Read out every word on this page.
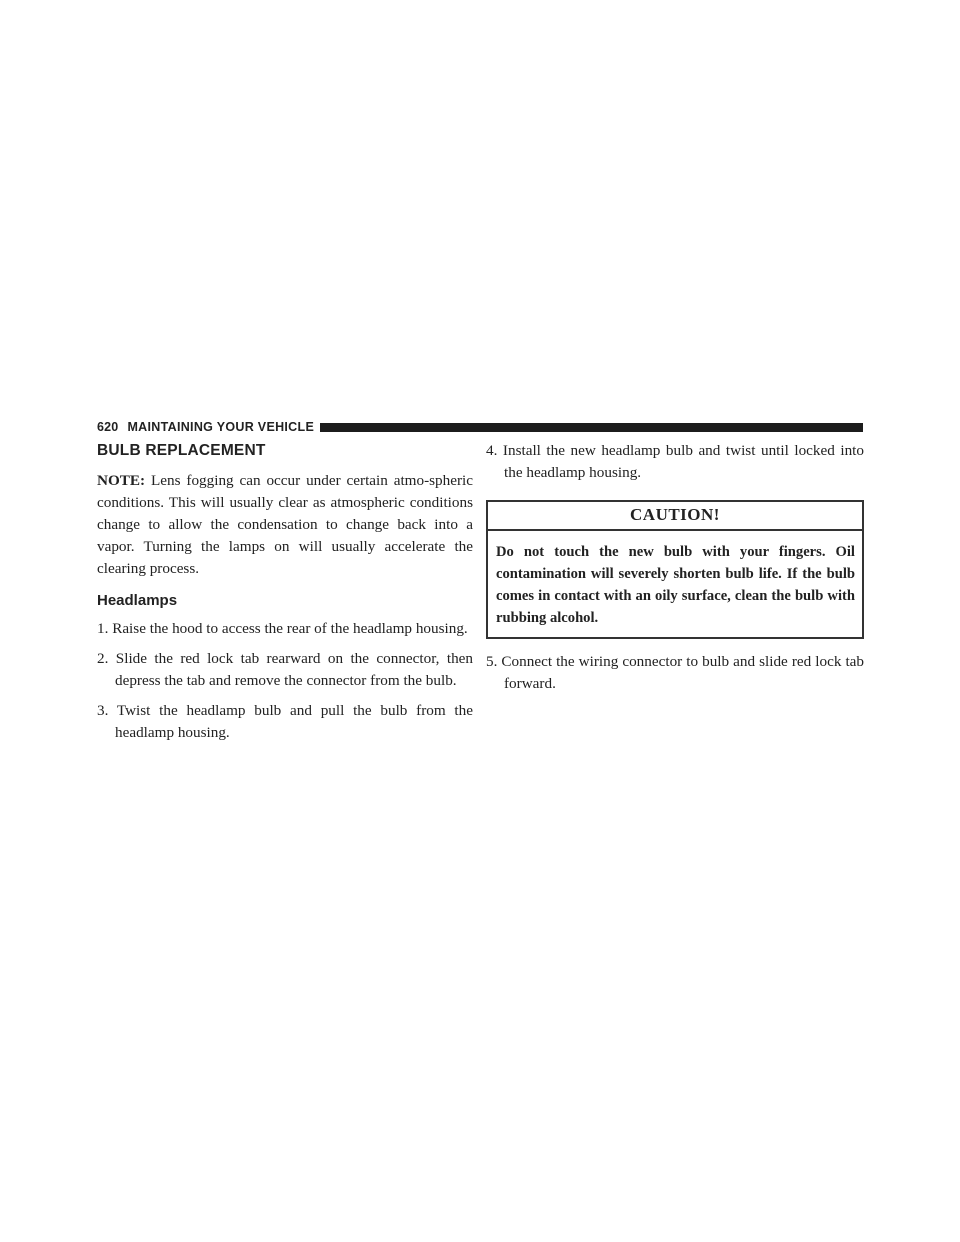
620 MAINTAINING YOUR VEHICLE
BULB REPLACEMENT

NOTE: Lens fogging can occur under certain atmo-spheric conditions. This will usually clear as atmospheric conditions change to allow the condensation to change back into a vapor. Turning the lamps on will usually accelerate the clearing process.

Headlamps
1. Raise the hood to access the rear of the headlamp housing.
2. Slide the red lock tab rearward on the connector, then depress the tab and remove the connector from the bulb.
3. Twist the headlamp bulb and pull the bulb from the headlamp housing.
4. Install the new headlamp bulb and twist until locked into the headlamp housing.
CAUTION!
Do not touch the new bulb with your fingers. Oil contamination will severely shorten bulb life. If the bulb comes in contact with an oily surface, clean the bulb with rubbing alcohol.
5. Connect the wiring connector to bulb and slide red lock tab forward.
